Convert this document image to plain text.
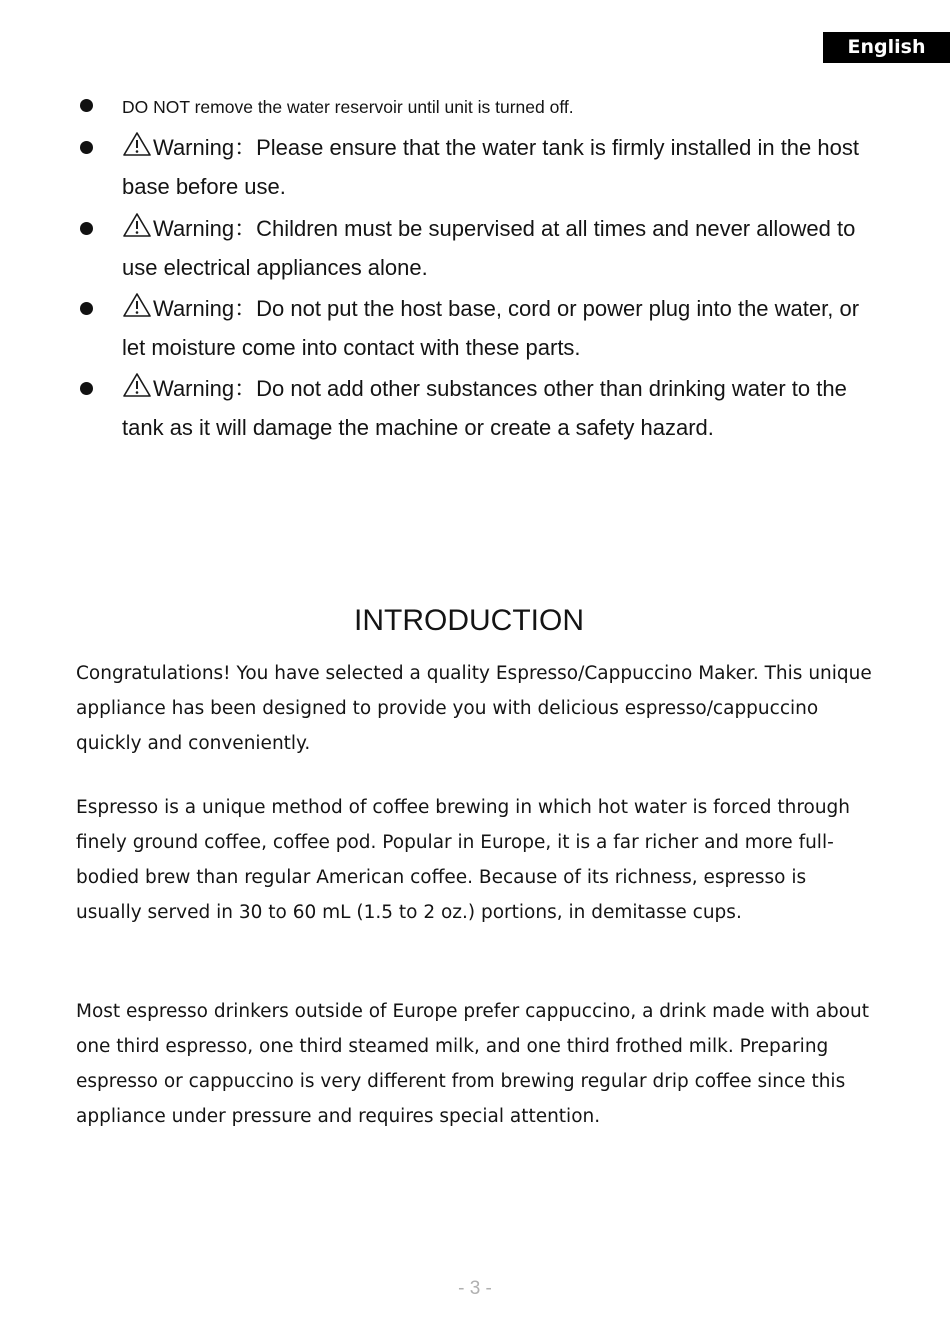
English
DO NOT remove the water reservoir until unit is turned off.
Warning：Please ensure that the water tank is firmly installed in the host base before use.
Warning：Children must be supervised at all times and never allowed to use electrical appliances alone.
Warning：Do not put the host base, cord or power plug into the water, or let moisture come into contact with these parts.
Warning：Do not add other substances other than drinking water to the tank as it will damage the machine or create a safety hazard.
INTRODUCTION

Congratulations! You have selected a quality Espresso/Cappuccino Maker. This unique appliance has been designed to provide you with delicious espresso/cappuccino quickly and conveniently.

Espresso is a unique method of coffee brewing in which hot water is forced through finely ground coffee, coffee pod. Popular in Europe, it is a far richer and more full-bodied brew than regular American coffee. Because of its richness, espresso is usually served in 30 to 60 mL (1.5 to 2 oz.) portions, in demitasse cups.

Most espresso drinkers outside of Europe prefer cappuccino, a drink made with about one third espresso, one third steamed milk, and one third frothed milk. Preparing espresso or cappuccino is very different from brewing regular drip coffee since this appliance under pressure and requires special attention.

- 3 -
